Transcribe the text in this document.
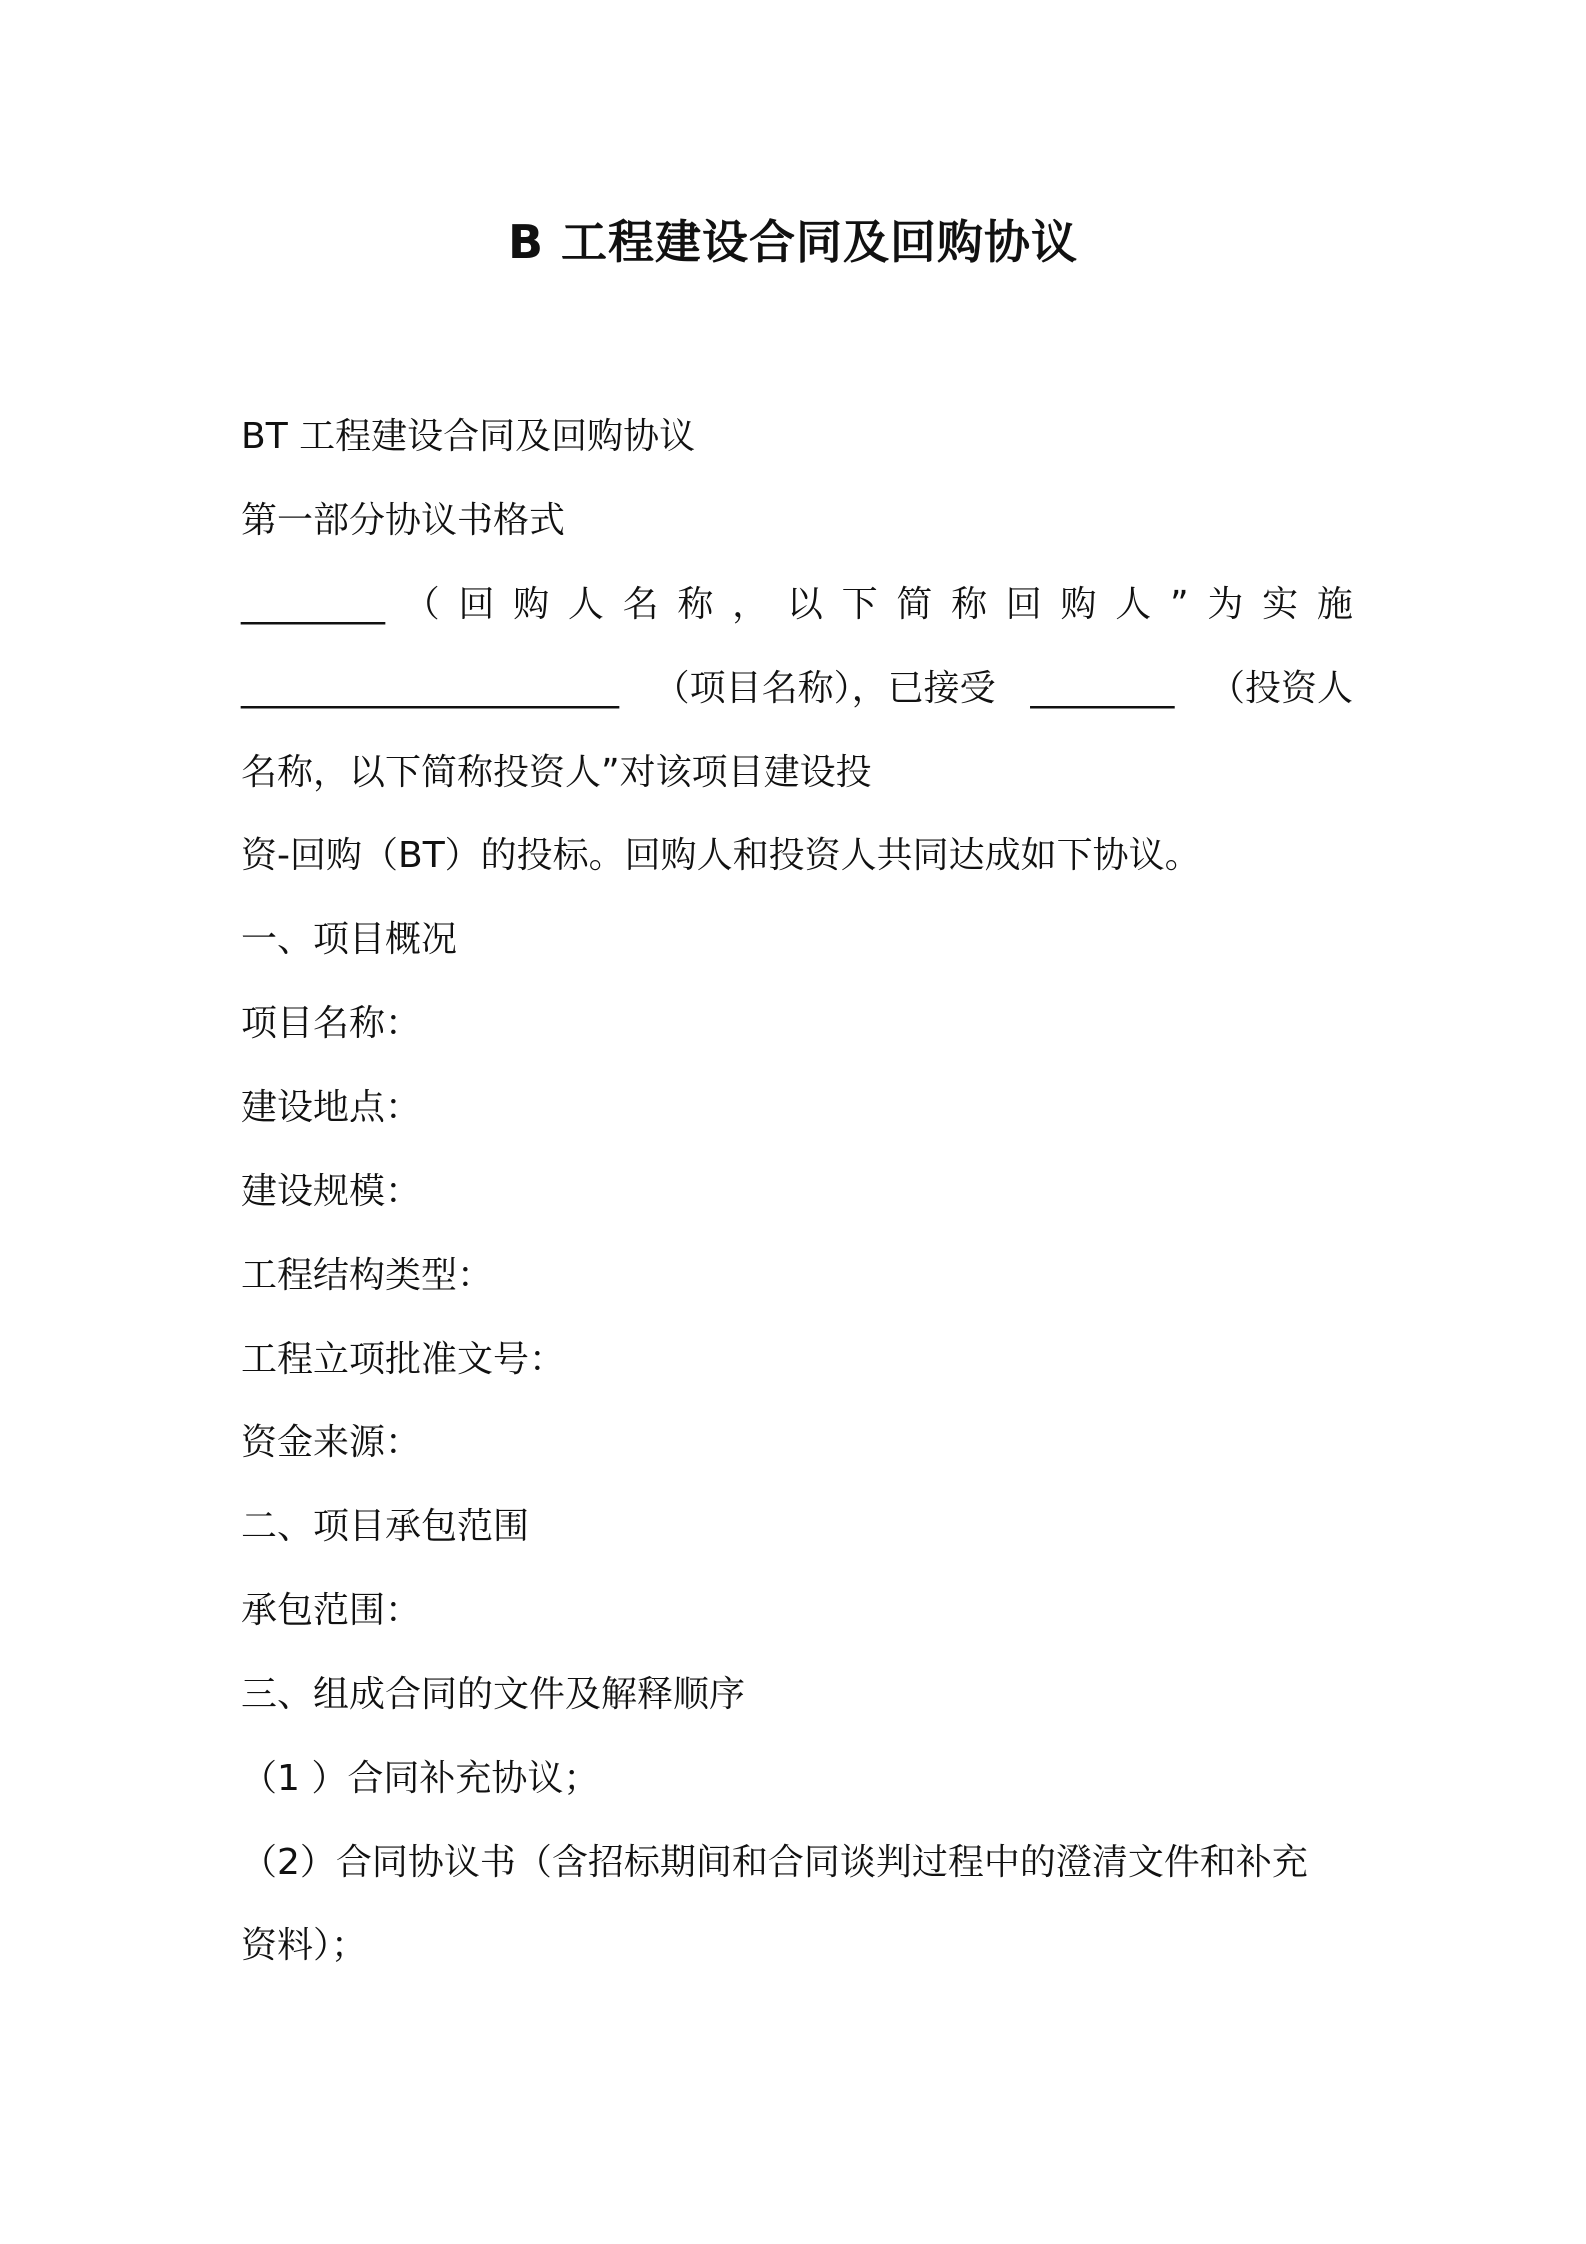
B 工程建设合同及回购协议
BT 工程建设合同及回购协议
第一部分协议书格式
________ （ 回 购 人 名 称 ， 以 下 简 称 回 购 人 ” 为 实 施
_____________________ （项目名称），已接受 ________ （投资人
名称，以下简称投资人”对该项目建设投
资-回购（BT）的投标。回购人和投资人共同达成如下协议。
一、项目概况
项目名称：
建设地点：
建设规模：
工程结构类型：
工程立项批准文号：
资金来源：
二、项目承包范围
承包范围：
三、组成合同的文件及解释顺序
（1 ）合同补充协议；
（2）合同协议书（含招标期间和合同谈判过程中的澄清文件和补充
资料）；
